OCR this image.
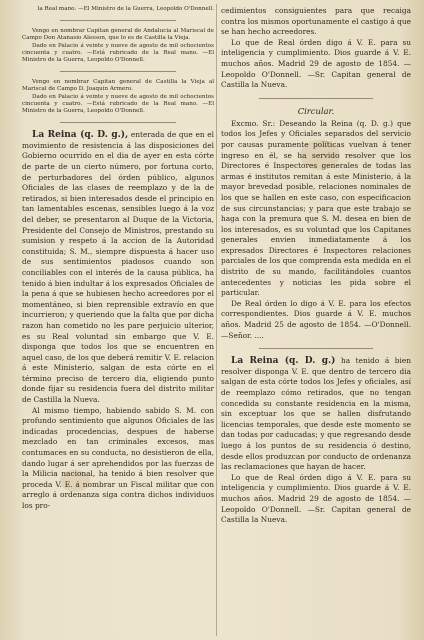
la Real mano. —El Ministro de la Guerra, Leopoldo O'Donnell.

Vengo en nombrar Capitan general de Andalucia al Mariscal de Campo Don Atanasio Alesson, que lo es de Castilla la Vieja.

Dado en Palacio á veinte y nueve de agosto de mil ochocientos cincuenta y cuatro. —Está rubricado de la Real mano. —El Ministro de la Guerra, Leopoldo O'Donnell.

Vengo en nombrar Capitan general de Castilla la Vieja al Mariscal de Campo D. Joaquin Armero.

Dado en Palacio á veinte y nueve de agosto de mil ochocientos cincuenta y cuatro. —Está rubricado de la Real mano. —El Ministro de la Guerra, Leopoldo O'Donnell.

La Reina (q. D. g.), enterada de que en el movimiento de resistencia á las disposiciones del Gobierno ocurrido en el dia de ayer en esta córte de parte de un cierto número, por fortuna corto, de perturbadores del órden público, algunos Oficiales de las clases de reemplazo y de la de retirados, si bien interesados desde el principio en tan lamentables escenas, sensibles luego á la voz del deber, se presentaron al Duque de la Victoria, Presidente del Consejo de Ministros, prestando su sumision y respeto á la accion de la Autoridad constituida; S. M., siempre dispuesta á hacer uso de sus sentimientos piadosos cuando son conciliables con el interés de la causa pública, ha tenido á bien indultar á los expresados Oficiales de la pena á que se hubiesen hecho acreedores por el momentáneo, si bien reprensible extravío en que incurrieron; y queriendo que la falta que por dicha razon han cometido no les pare perjuicio ulterior, es su Real voluntad sin embargo que V. E. disponga que todos los que se encuentren en aquel caso, de los que deberá remitir V. E. relacion á este Ministerio, salgan de esta córte en el término preciso de tercero dia, eligiendo punto donde fijar su residencia fuera del distrito militar de Castilla la Nueva.

Al mismo tiempo, habiendo sabido S. M. con profundo sentimiento que algunos Oficiales de las indicadas procedencias, despues de haberse mezclado en tan criminales excesos, mas contumaces en su conducta, no desistieron de ella, dando lugar á ser aprehendidos por las fuerzas de la Milicia nacional, ha tenido á bien resolver que proceda V. E. á nombrar un Fiscal militar que con arreglo á ordenanza siga contra dichos individuos los pro-

cedimientos consiguientes para que recaiga contra los mismos oportunamente el castigo á que se han hecho acreedores.

Lo que de Real órden digo á V. E. para su inteligencia y cumplimiento. Dios guarde á V. E. muchos años. Madrid 29 de agosto de 1854. —Leopoldo O'Donnell. —Sr. Capitan general de Castilla la Nueva.

Circular.

Excmo. Sr.: Deseando la Reina (q. D. g.) que todos los Jefes y Oficiales separados del servicio por causas puramente políticas vuelvan á tener ingreso en él, se ha servido resolver que los Directores é Inspectores generales de todas las armas é institutos remitan á este Ministerio, á la mayor brevedad posible, relaciones nominales de los que se hallen en este caso, con especificacion de sus circunstancias; y para que este trabajo se haga con la premura que S. M. desea en bien de los interesados, es su voluntad que los Capitanes generales envien inmediatamente á los expresados Directores é Inspectores relaciones parciales de los que comprenda esta medida en el distrito de su mando, facilitándoles cuantos antecedentes y noticias les pida sobre el particular.

De Real órden lo digo á V. E. para los efectos correspondientes. Dios guarde á V. E. muchos años. Madrid 25 de agosto de 1854. —O'Donnell. —Señor. ....

La Reina (q. D. g.) ha tenido á bien resolver disponga V. E. que dentro de tercero dia salgan de esta córte todos los Jefes y oficiales, así de reemplazo cómo retirados, que no tengan concedida su constante residencia en la misma, sin exceptuar los que se hallen disfrutando licencias temporales, que desde este momento se dan todas por caducadas; y que regresando desde luego á los puntos de su residencia ó destino, desde ellos produzcan por conducto de ordenanza las reclamaciones que hayan de hacer.

Lo que de Real órden digo á V. E. para su inteligencia y cumplimiento. Dios guarde á V. E. muchos años. Madrid 29 de agosto de 1854. —Leopoldo O'Donnell. —Sr. Capitan general de Castilla la Nueva.
